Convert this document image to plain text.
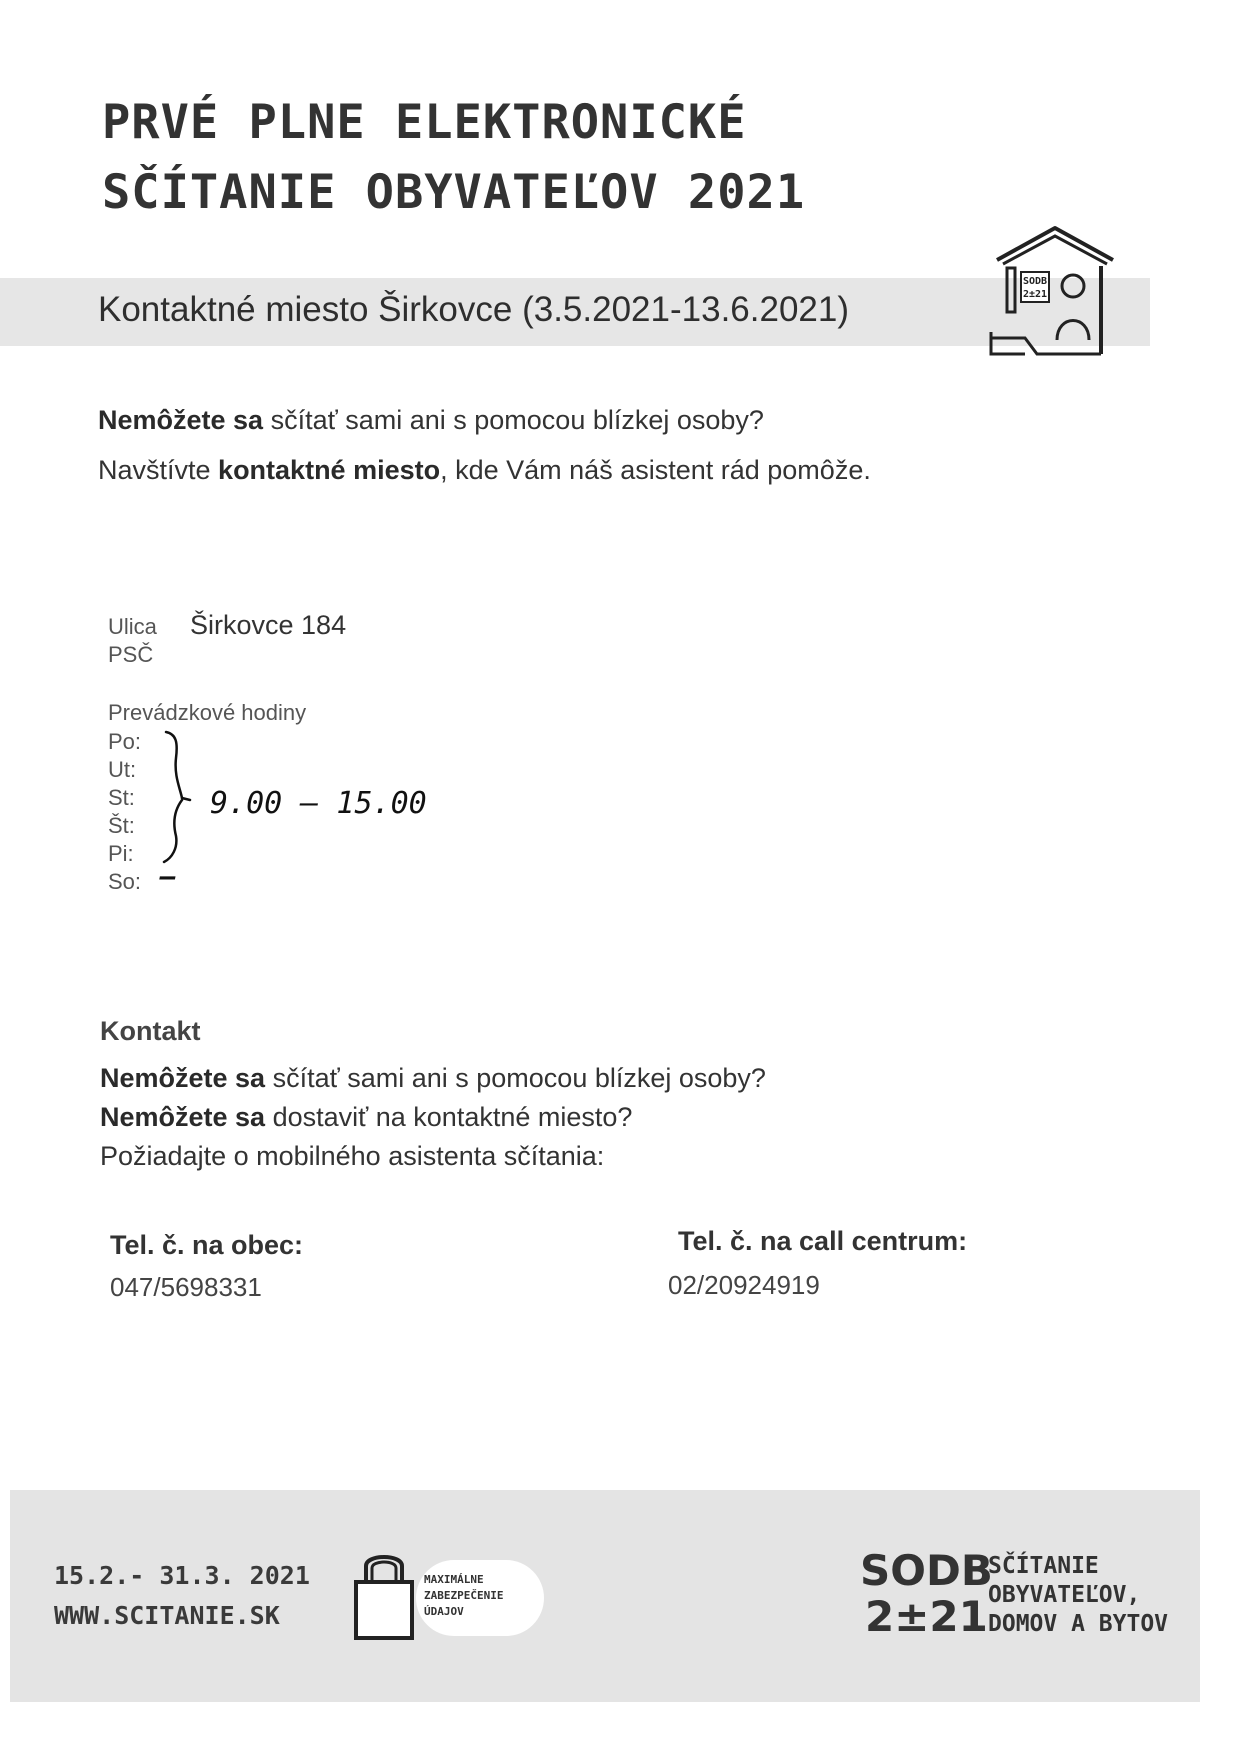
PRVÉ PLNE ELEKTRONICKÉ
SČÍTANIE OBYVATEĽOV 2021
Kontaktné miesto Širkovce (3.5.2021-13.6.2021)
SODB
2±21
Nemôžete sa sčítať sami ani s pomocou blízkej osoby?
Navštívte kontaktné miesto, kde Vám náš asistent rád pomôže.
Ulica Širkovce 184
PSČ
Prevádzkové hodiny
Po:
Ut:
St:
Št:
Pi:
So:
9.00 – 15.00
–
Kontakt
Nemôžete sa sčítať sami ani s pomocou blízkej osoby?
Nemôžete sa dostaviť na kontaktné miesto?
Požiadajte o mobilného asistenta sčítania:
Tel. č. na obec:
047/5698331
Tel. č. na call centrum:
02/20924919
15.2.- 31.3. 2021
WWW.SCITANIE.SK
MAXIMÁLNE
ZABEZPEČENIE
ÚDAJOV
SODB
2±21
SČÍTANIE
OBYVATEĽOV,
DOMOV A BYTOV
